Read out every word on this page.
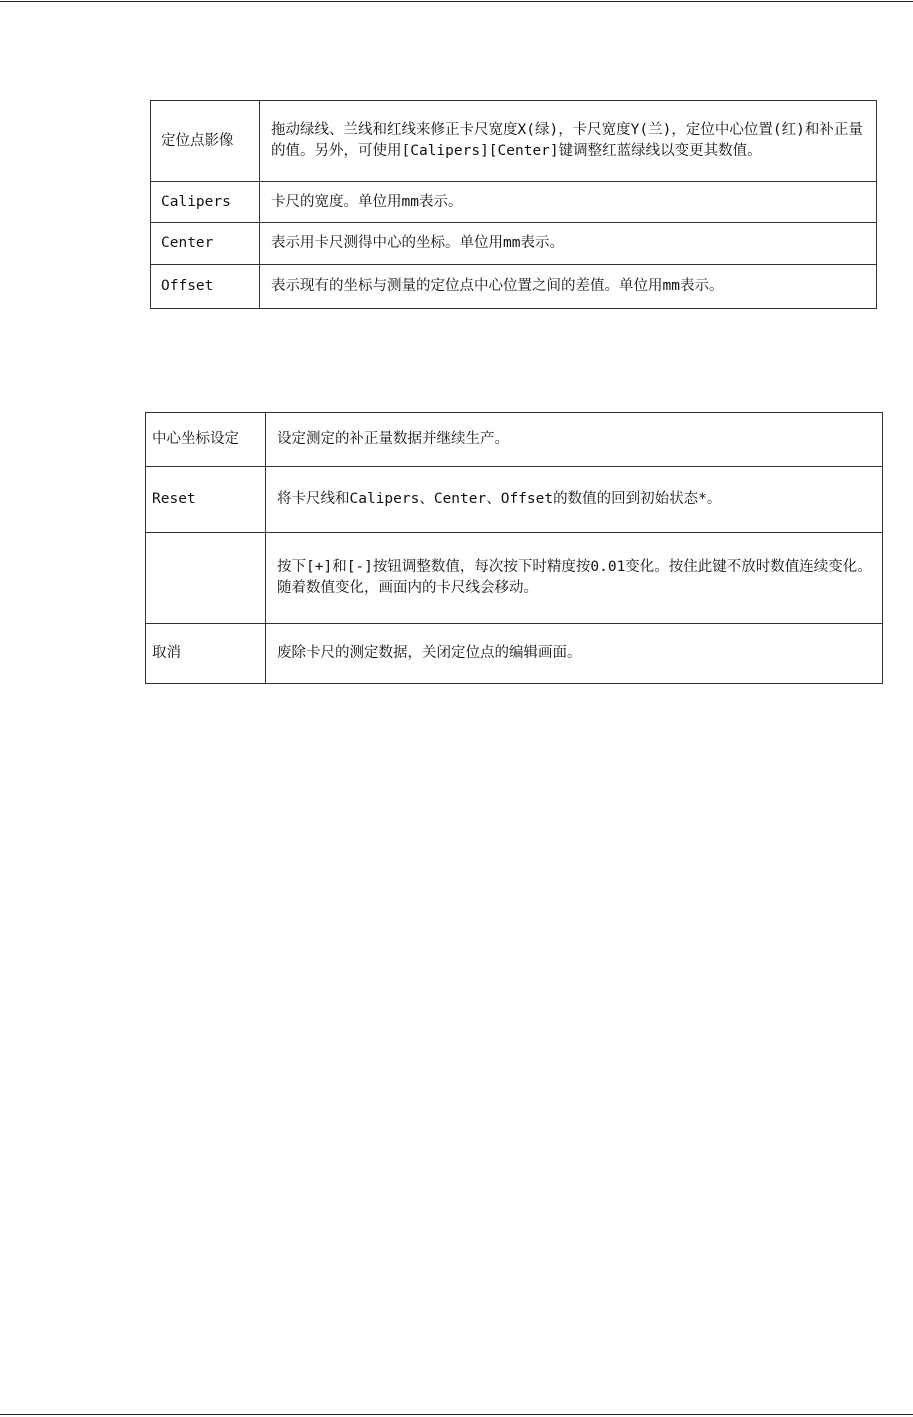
定位点影像	拖动绿线、兰线和红线来修正卡尺宽度X(绿)，卡尺宽度Y(兰)，定位中心位置(红)和补正量的值。另外，可使用[Calipers][Center]键调整红蓝绿线以变更其数值。
Calipers	卡尺的宽度。单位用mm表示。
Center	表示用卡尺测得中心的坐标。单位用mm表示。
Offset	表示现有的坐标与测量的定位点中心位置之间的差值。单位用mm表示。
中心坐标设定	设定测定的补正量数据并继续生产。
Reset	将卡尺线和Calipers、Center、Offset的数值的回到初始状态*。
	按下[+]和[-]按钮调整数值，每次按下时精度按0.01变化。按住此键不放时数值连续变化。随着数值变化，画面内的卡尺线会移动。
取消	废除卡尺的测定数据，关闭定位点的编辑画面。
